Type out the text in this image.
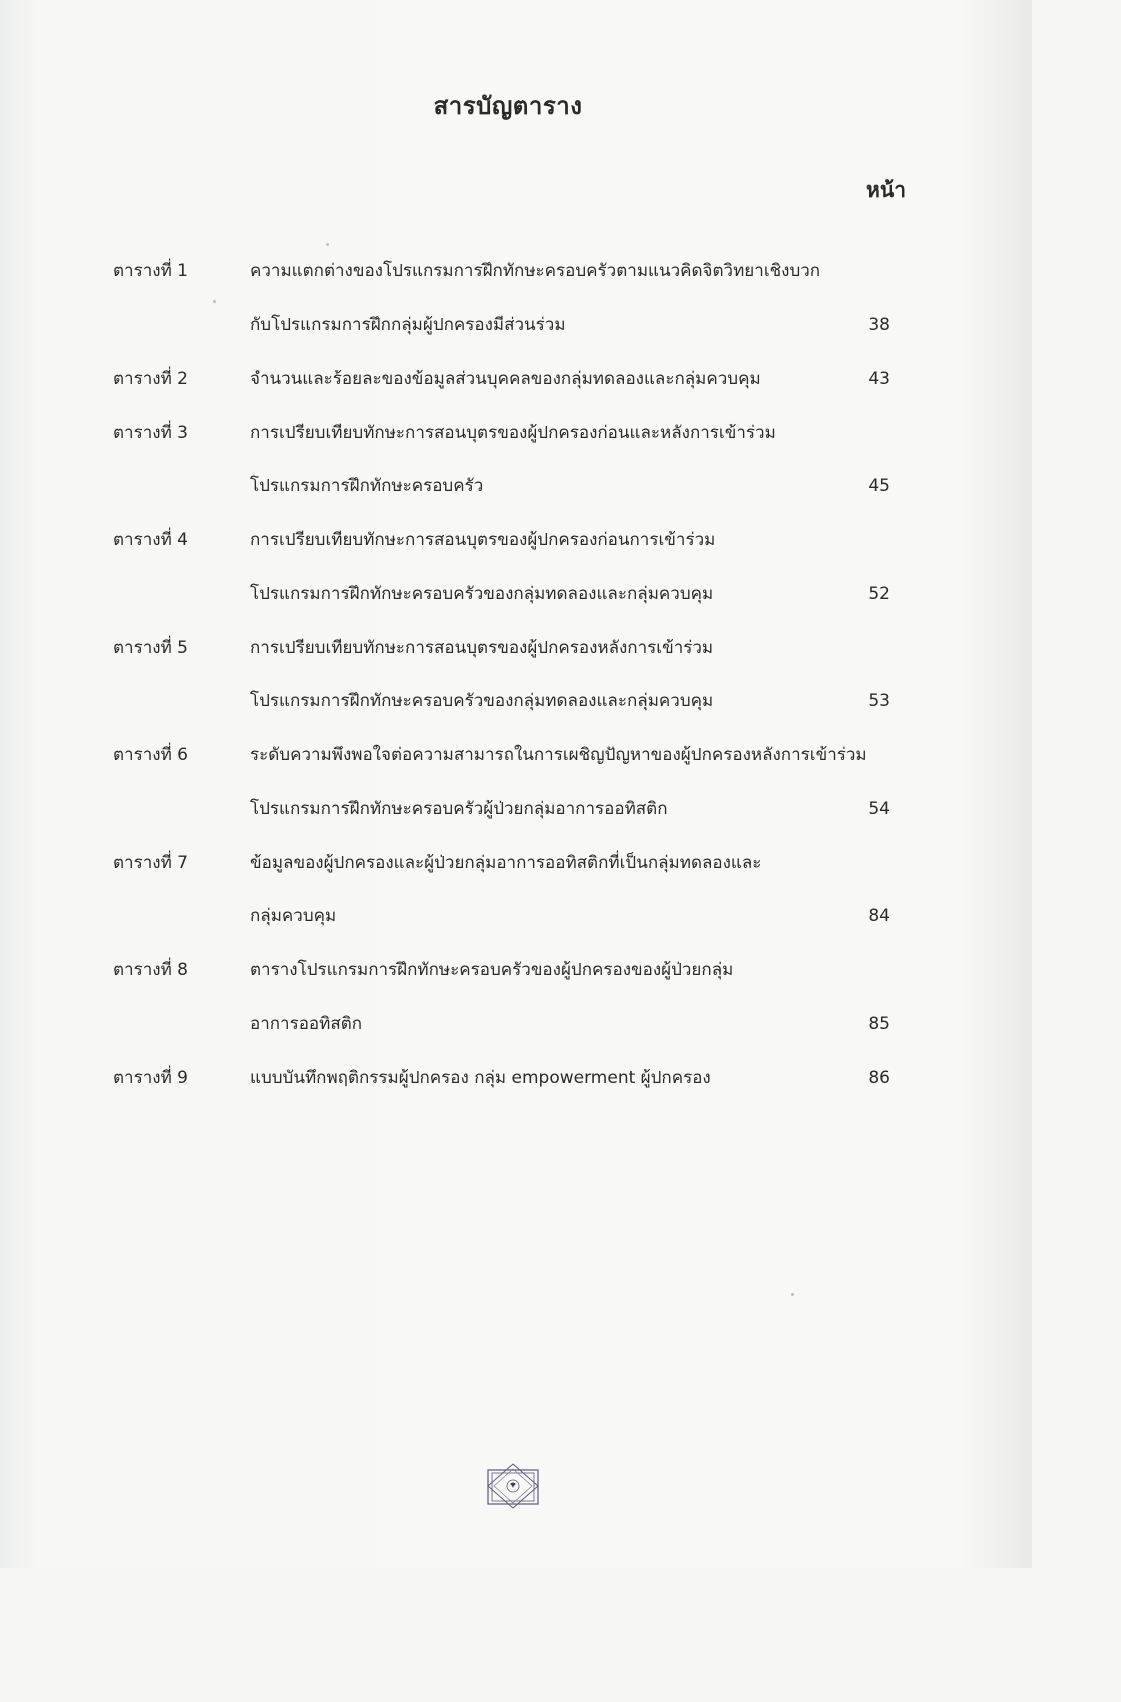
สารบัญตาราง
หน้า
ตารางที่ 1	ความแตกต่างของโปรแกรมการฝึกทักษะครอบครัวตามแนวคิดจิตวิทยาเชิงบวก
กับโปรแกรมการฝึกกลุ่มผู้ปกครองมีส่วนร่วม	38
ตารางที่ 2	จำนวนและร้อยละของข้อมูลส่วนบุคคลของกลุ่มทดลองและกลุ่มควบคุม	43
ตารางที่ 3	การเปรียบเทียบทักษะการสอนบุตรของผู้ปกครองก่อนและหลังการเข้าร่วม
โปรแกรมการฝึกทักษะครอบครัว	45
ตารางที่ 4	การเปรียบเทียบทักษะการสอนบุตรของผู้ปกครองก่อนการเข้าร่วม
โปรแกรมการฝึกทักษะครอบครัวของกลุ่มทดลองและกลุ่มควบคุม	52
ตารางที่ 5	การเปรียบเทียบทักษะการสอนบุตรของผู้ปกครองหลังการเข้าร่วม
โปรแกรมการฝึกทักษะครอบครัวของกลุ่มทดลองและกลุ่มควบคุม	53
ตารางที่ 6	ระดับความพึงพอใจต่อความสามารถในการเผชิญปัญหาของผู้ปกครองหลังการเข้าร่วม
โปรแกรมการฝึกทักษะครอบครัวผู้ป่วยกลุ่มอาการออทิสติก	54
ตารางที่ 7	ข้อมูลของผู้ปกครองและผู้ป่วยกลุ่มอาการออทิสติกที่เป็นกลุ่มทดลองและ
กลุ่มควบคุม	84
ตารางที่ 8	ตารางโปรแกรมการฝึกทักษะครอบครัวของผู้ปกครองของผู้ป่วยกลุ่ม
อาการออทิสติก	85
ตารางที่ 9	แบบบันทึกพฤติกรรมผู้ปกครอง กลุ่ม empowerment ผู้ปกครอง	86
